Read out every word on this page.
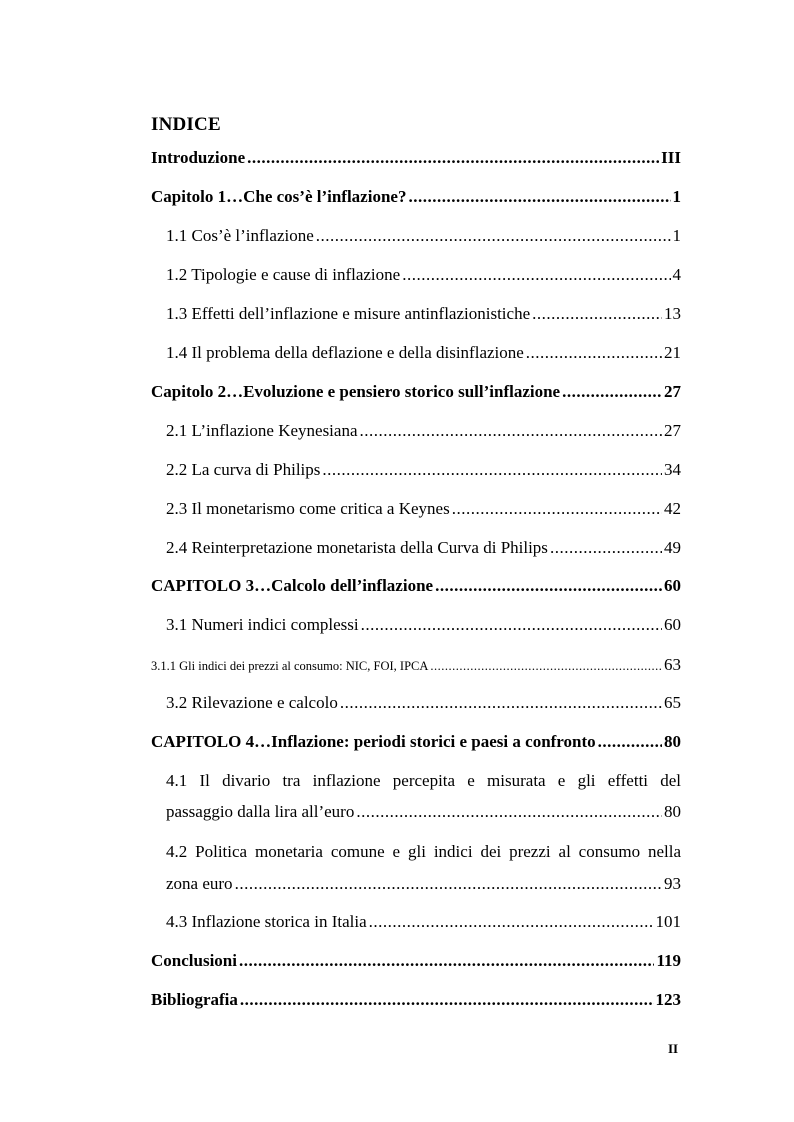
INDICE
Introduzione .....	III
Capitolo 1…Che cos’è l’inflazione? .....	1
1.1 Cos’è l’inflazione .....	1
1.2 Tipologie e cause di inflazione .....	4
1.3 Effetti dell’inflazione e misure antinflazionistiche .....	13
1.4 Il problema della deflazione e della disinflazione .....	21
Capitolo 2…Evoluzione e pensiero storico sull’inflazione .....	27
2.1 L’inflazione Keynesiana .....	27
2.2 La curva di Philips .....	34
2.3 Il monetarismo come critica a Keynes .....	42
2.4 Reinterpretazione monetarista della Curva di Philips .....	49
CAPITOLO 3…Calcolo dell’inflazione .....	60
3.1 Numeri indici complessi .....	60
3.1.1 Gli indici dei prezzi al consumo: NIC, FOI, IPCA .....	63
3.2 Rilevazione e calcolo .....	65
CAPITOLO 4…Inflazione: periodi storici e paesi a confronto .....	80
4.1 Il divario tra inflazione percepita e misurata e gli effetti del
passaggio dalla lira all’euro .....	80
4.2 Politica monetaria comune e gli indici dei prezzi al consumo nella
zona euro .....	93
4.3 Inflazione storica in Italia .....	101
Conclusioni .....	119
Bibliografia .....	123
II
